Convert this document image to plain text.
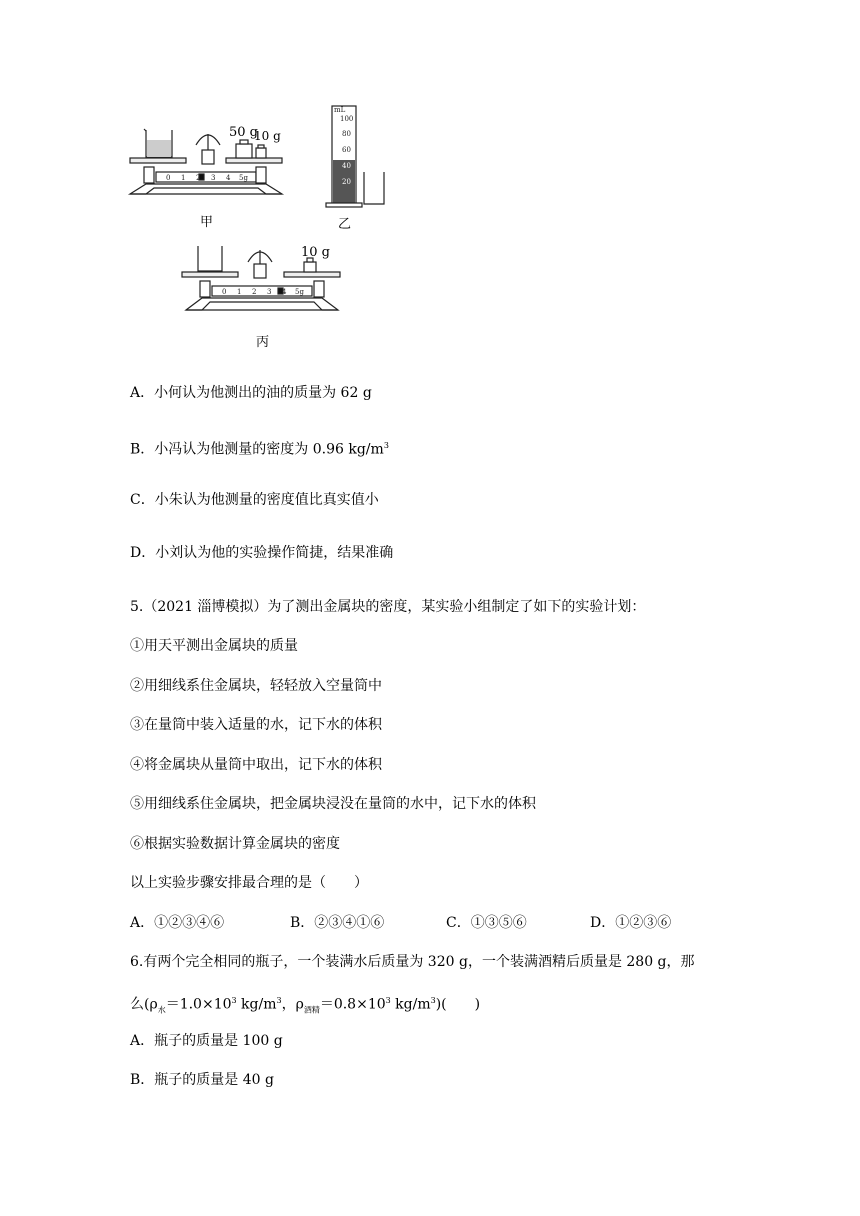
50 g
10 g
0 1 2 3 4 5g
甲
mL
100
80
60
40
20
乙
10 g
0 1 2 3 4 5g
丙
A．小何认为他测出的油的质量为 62 g
B．小冯认为他测量的密度为 0.96 $kg/m^3$
C．小朱认为他测量的密度值比真实值小
D．小刘认为他的实验操作简捷，结果准确
5.（2021 淄博模拟）为了测出金属块的密度，某实验小组制定了如下的实验计划：
①用天平测出金属块的质量
②用细线系住金属块，轻轻放入空量筒中
③在量筒中装入适量的水，记下水的体积
④将金属块从量筒中取出，记下水的体积
⑤用细线系住金属块，把金属块浸没在量筒的水中，记下水的体积
⑥根据实验数据计算金属块的密度
以上实验步骤安排最合理的是（　　）
A．①②③④⑥	B．②③④①⑥	C．①③⑤⑥	D．①②③⑥
6.有两个完全相同的瓶子，一个装满水后质量为 320 g，一个装满酒精后质量是 280 g，那
么($\rho_水=1.0\times 10^3$ $kg/m^3$，$\rho_{酒精}=0.8\times 10^3$ $kg/m^3$)(　　)
A．瓶子的质量是 100 g
B．瓶子的质量是 40 g
